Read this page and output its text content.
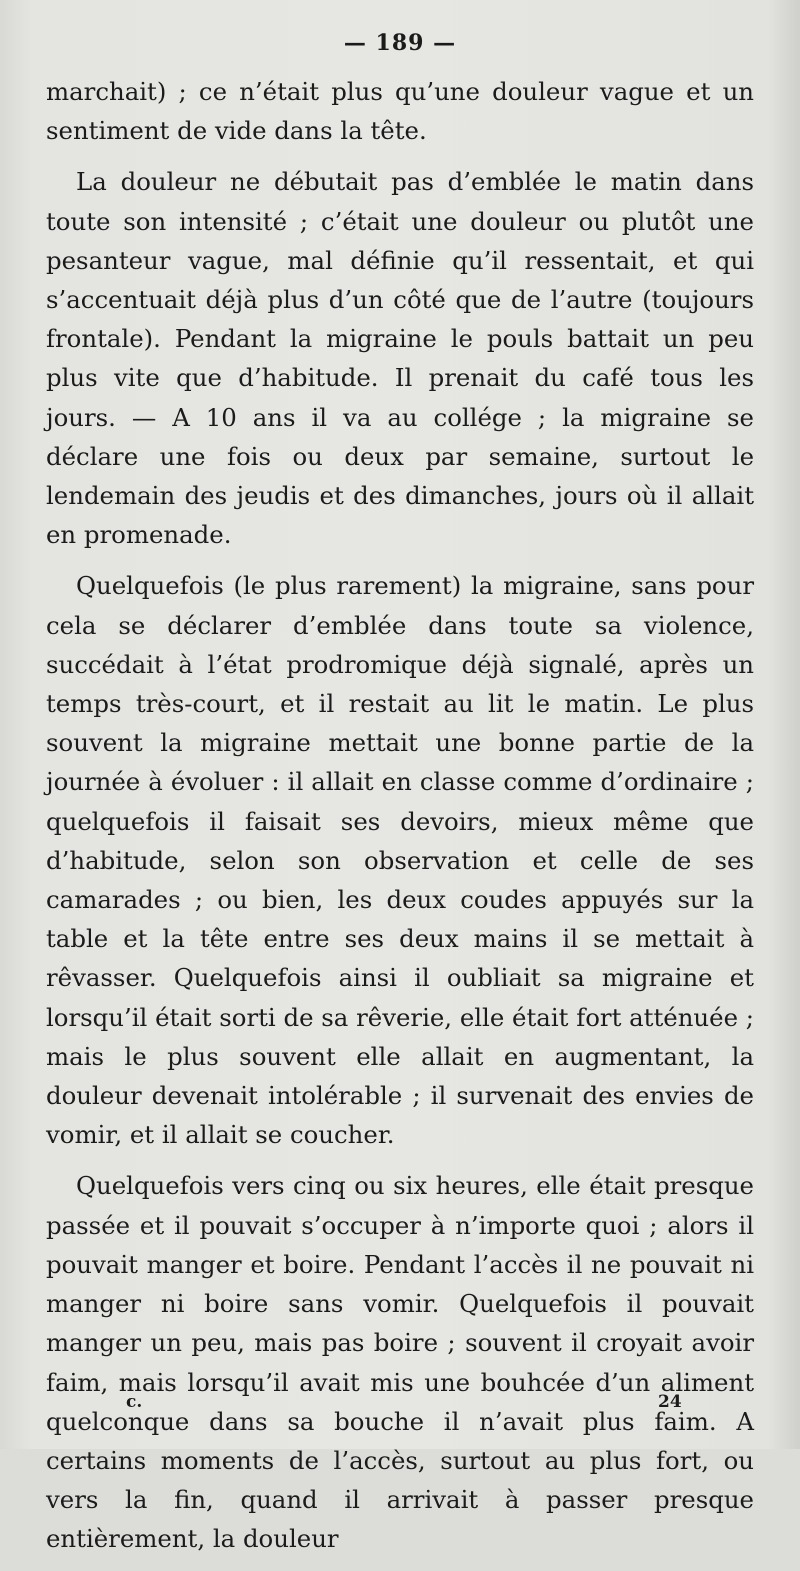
— 189 —

marchait) ; ce n’était plus qu’une douleur vague et un sentiment de vide dans la tête.

La douleur ne débutait pas d’emblée le matin dans toute son intensité ; c’était une douleur ou plutôt une pesanteur vague, mal définie qu’il ressentait, et qui s’accentuait déjà plus d’un côté que de l’autre (toujours frontale). Pendant la migraine le pouls battait un peu plus vite que d’habitude. Il prenait du café tous les jours. — A 10 ans il va au collége ; la migraine se déclare une fois ou deux par semaine, surtout le lendemain des jeudis et des dimanches, jours où il allait en promenade.

Quelquefois (le plus rarement) la migraine, sans pour cela se déclarer d’emblée dans toute sa violence, succédait à l’état prodromique déjà signalé, après un temps très-court, et il restait au lit le matin. Le plus souvent la migraine mettait une bonne partie de la journée à évoluer : il allait en classe comme d’ordinaire ; quelquefois il faisait ses devoirs, mieux même que d’habitude, selon son observation et celle de ses camarades ; ou bien, les deux coudes appuyés sur la table et la tête entre ses deux mains il se mettait à rêvasser. Quelquefois ainsi il oubliait sa migraine et lorsqu’il était sorti de sa rêverie, elle était fort atténuée ; mais le plus souvent elle allait en augmentant, la douleur devenait intolérable ; il survenait des envies de vomir, et il allait se coucher.

Quelquefois vers cinq ou six heures, elle était presque passée et il pouvait s’occuper à n’importe quoi ; alors il pouvait manger et boire. Pendant l’accès il ne pouvait ni manger ni boire sans vomir. Quelquefois il pouvait manger un peu, mais pas boire ; souvent il croyait avoir faim, mais lorsqu’il avait mis une bouhcée d’un aliment quelconque dans sa bouche il n’avait plus faim. A certains moments de l’accès, surtout au plus fort, ou vers la fin, quand il arrivait à passer presque entièrement, la douleur

c.	24
